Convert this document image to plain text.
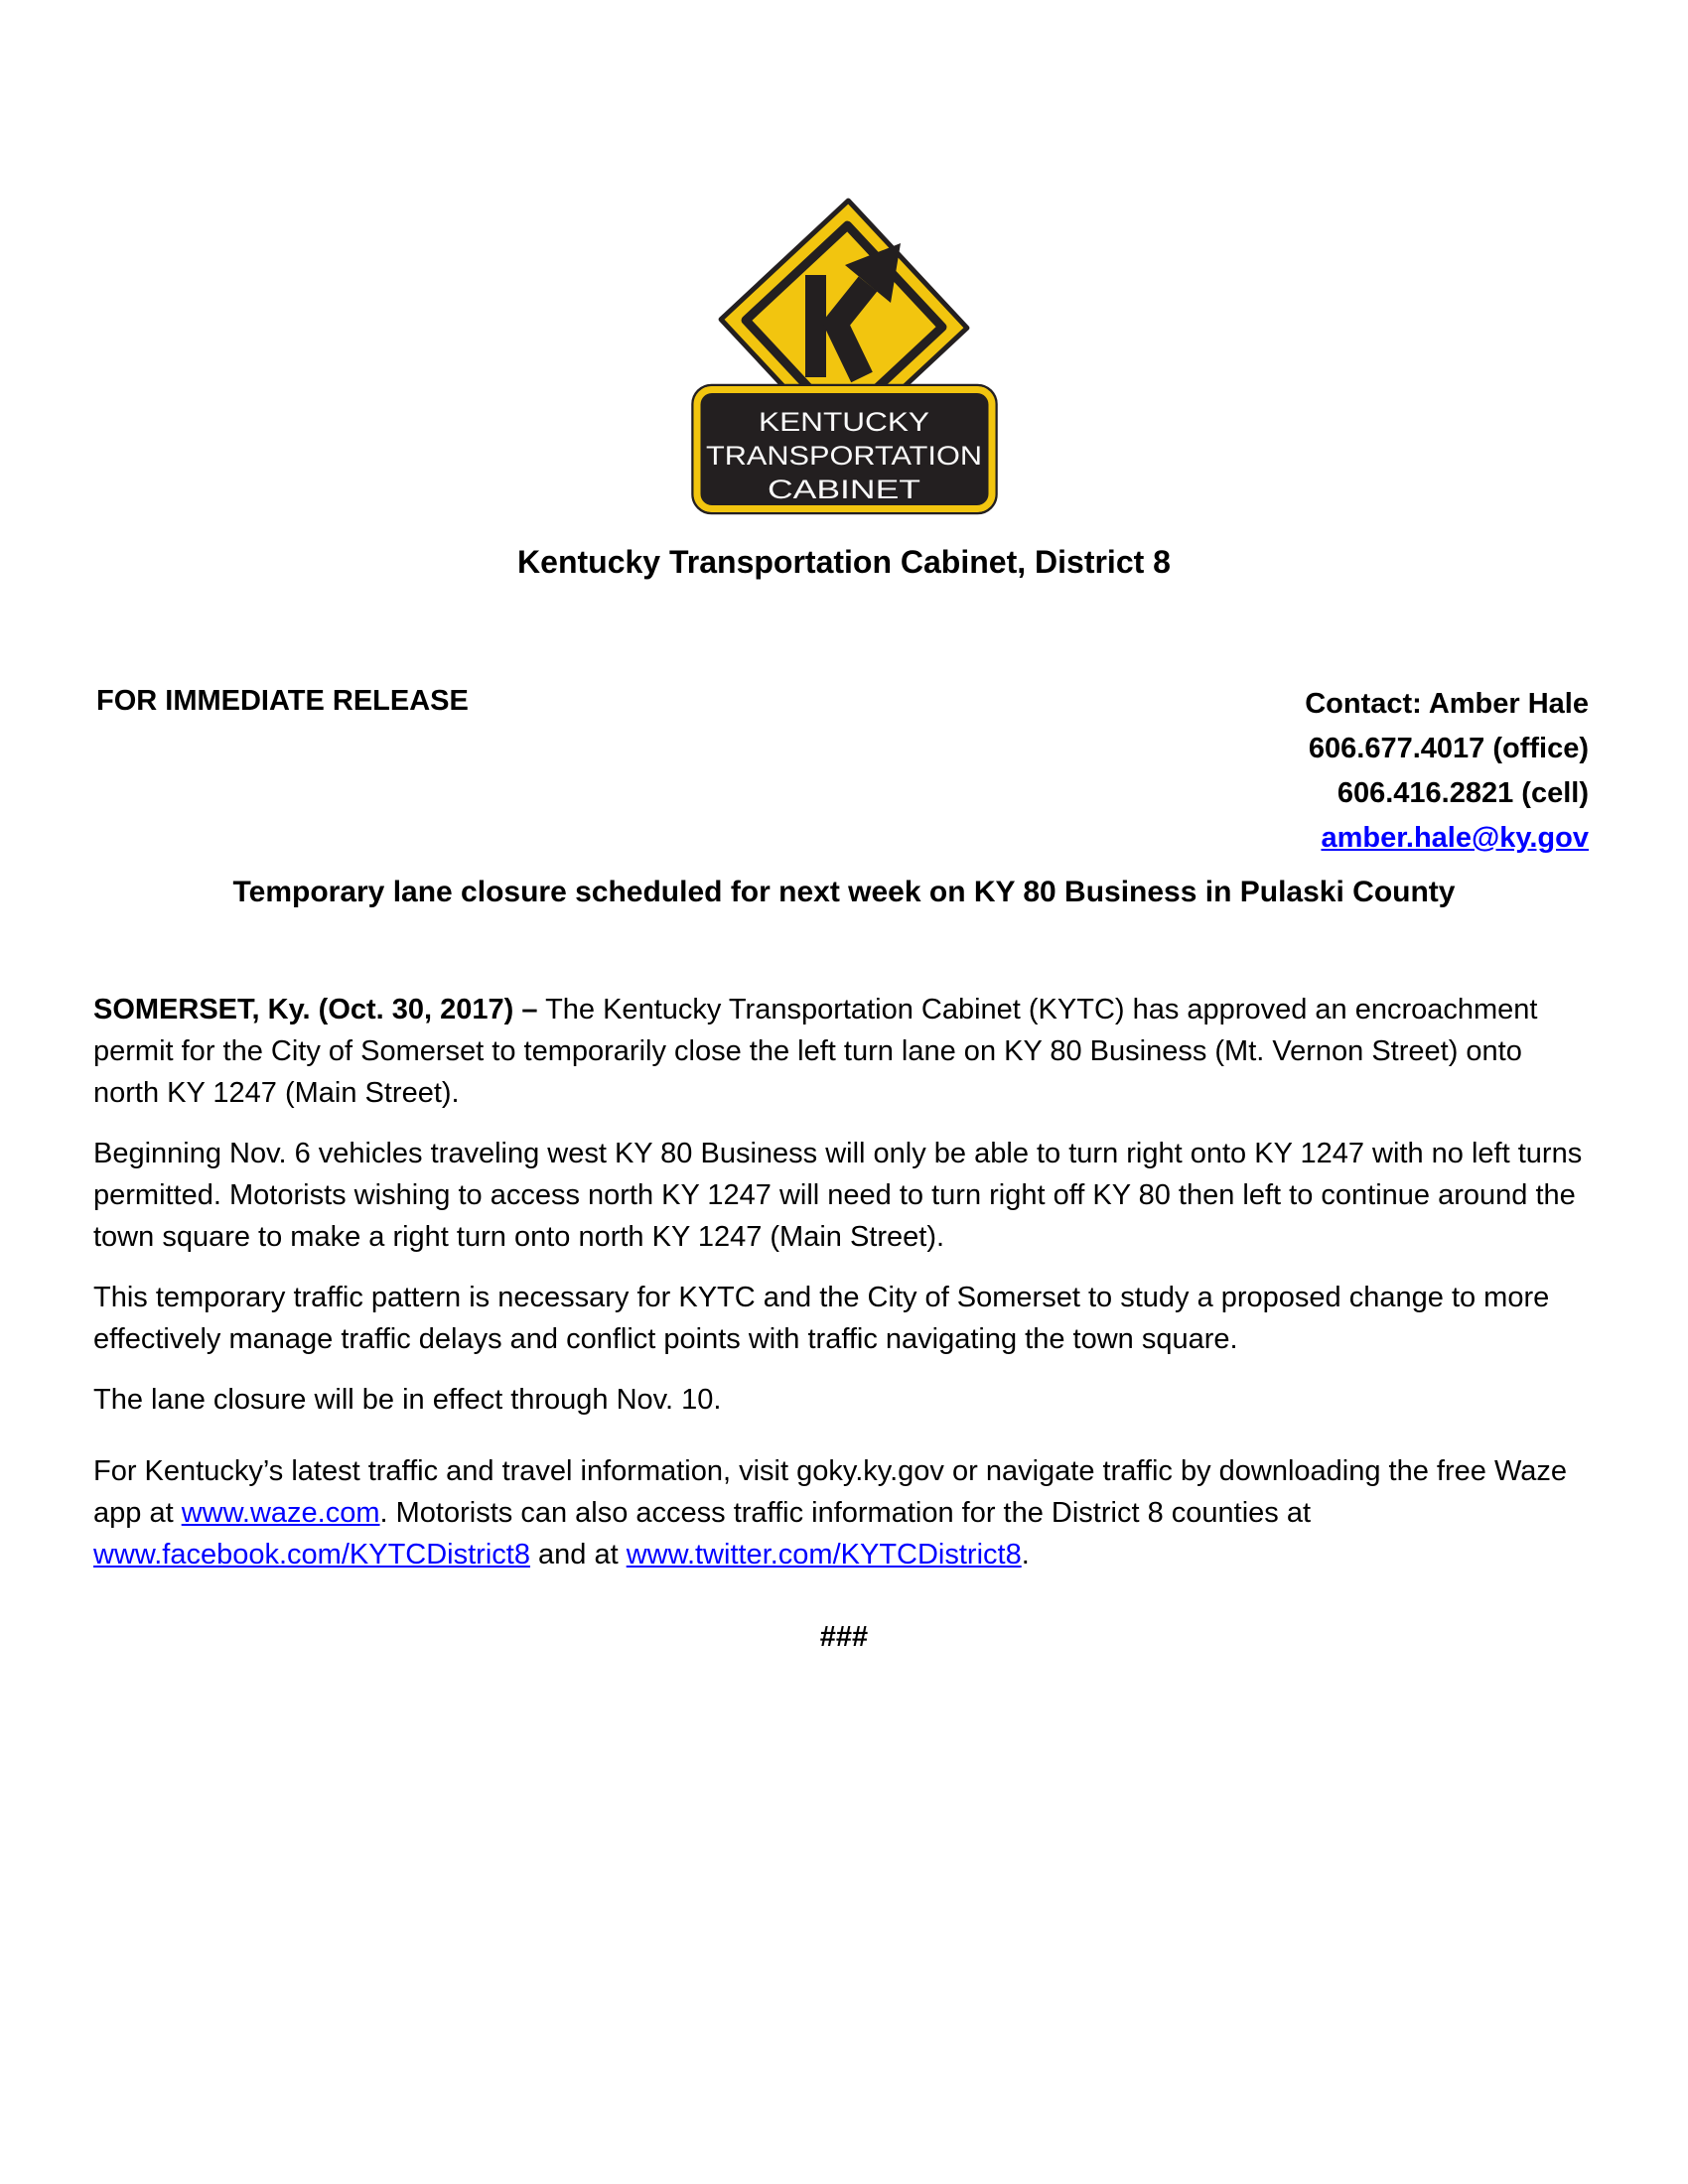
KENTUCKY
TRANSPORTATION
CABINET
Kentucky Transportation Cabinet, District 8
FOR IMMEDIATE RELEASE	Contact: Amber Hale
606.677.4017 (office)
606.416.2821 (cell)
amber.hale@ky.gov
Temporary lane closure scheduled for next week on KY 80 Business in Pulaski County

SOMERSET, Ky. (Oct. 30, 2017) – The Kentucky Transportation Cabinet (KYTC) has approved an encroachment permit for the City of Somerset to temporarily close the left turn lane on KY 80 Business (Mt. Vernon Street) onto north KY 1247 (Main Street).

Beginning Nov. 6 vehicles traveling west KY 80 Business will only be able to turn right onto KY 1247 with no left turns permitted. Motorists wishing to access north KY 1247 will need to turn right off KY 80 then left to continue around the town square to make a right turn onto north KY 1247 (Main Street).

This temporary traffic pattern is necessary for KYTC and the City of Somerset to study a proposed change to more effectively manage traffic delays and conflict points with traffic navigating the town square.

The lane closure will be in effect through Nov. 10.

For Kentucky’s latest traffic and travel information, visit goky.ky.gov or navigate traffic by downloading the free Waze app at www.waze.com. Motorists can also access traffic information for the District 8 counties at www.facebook.com/KYTCDistrict8 and at www.twitter.com/KYTCDistrict8.

###
